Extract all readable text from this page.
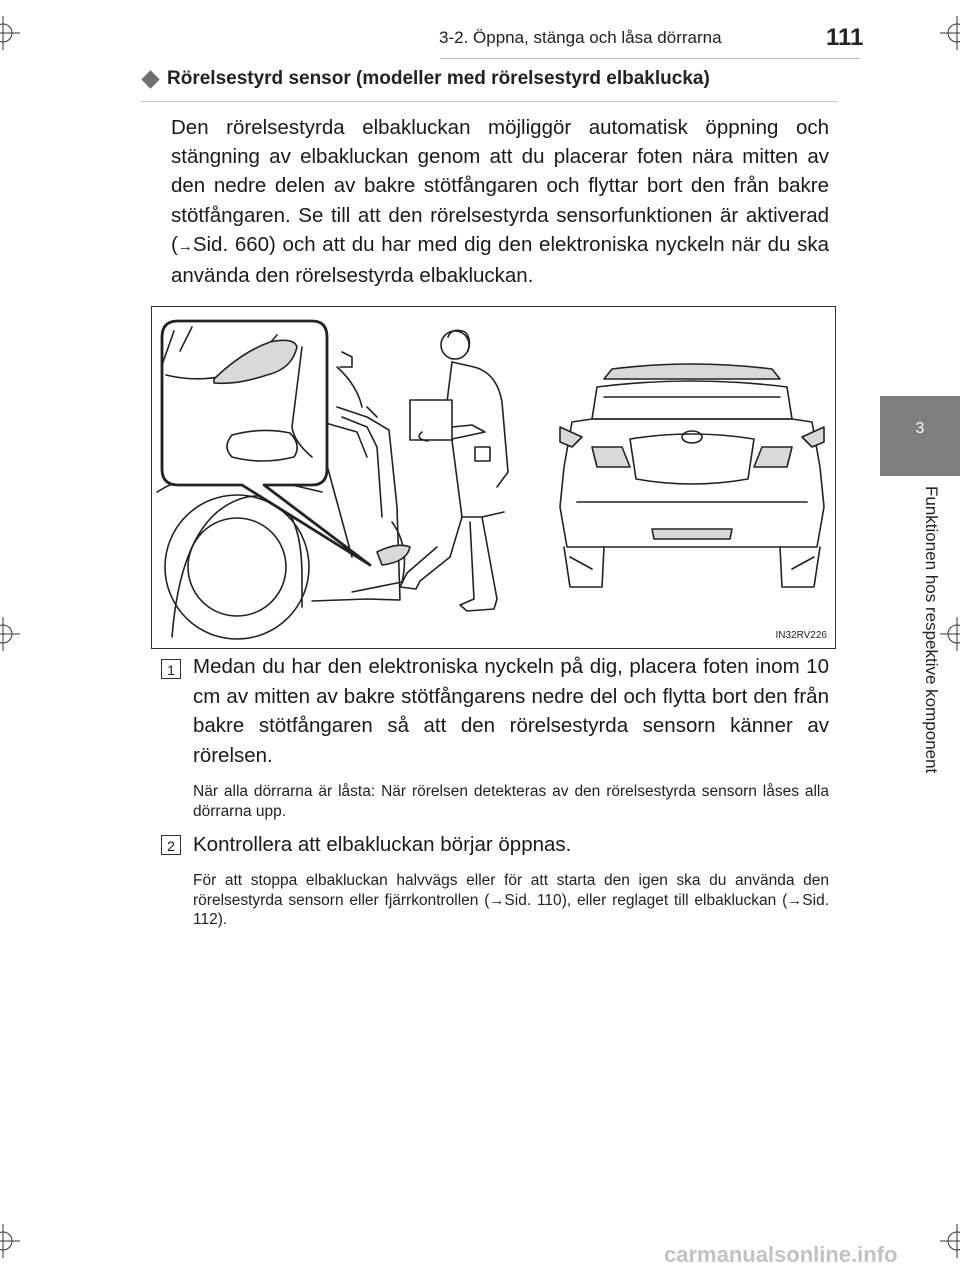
3-2. Öppna, stänga och låsa dörrarna	111
3
Funktionen hos respektive komponent
Rörelsestyrd sensor (modeller med rörelsestyrd elbaklucka)

Den rörelsestyrda elbakluckan möjliggör automatisk öppning och stängning av elbakluckan genom att du placerar foten nära mitten av den nedre delen av bakre stötfångaren och flyttar bort den från bakre stötfångaren. Se till att den rörelsestyrda sensorfunktionen är aktiverad (→Sid. 660) och att du har med dig den elektroniska nyckeln när du ska använda den rörelsestyrda elbakluckan.

IN32RV226
1 Medan du har den elektroniska nyckeln på dig, placera foten inom 10 cm av mitten av bakre stötfångarens nedre del och flytta bort den från bakre stötfångaren så att den rörelsestyrda sensorn känner av rörelsen.

När alla dörrarna är låsta: När rörelsen detekteras av den rörelsestyrda sensorn låses alla dörrarna upp.

2 Kontrollera att elbakluckan börjar öppnas.

För att stoppa elbakluckan halvvägs eller för att starta den igen ska du använda den rörelsestyrda sensorn eller fjärrkontrollen (→Sid. 110), eller reglaget till elbakluckan (→Sid. 112).

carmanualsonline.info
